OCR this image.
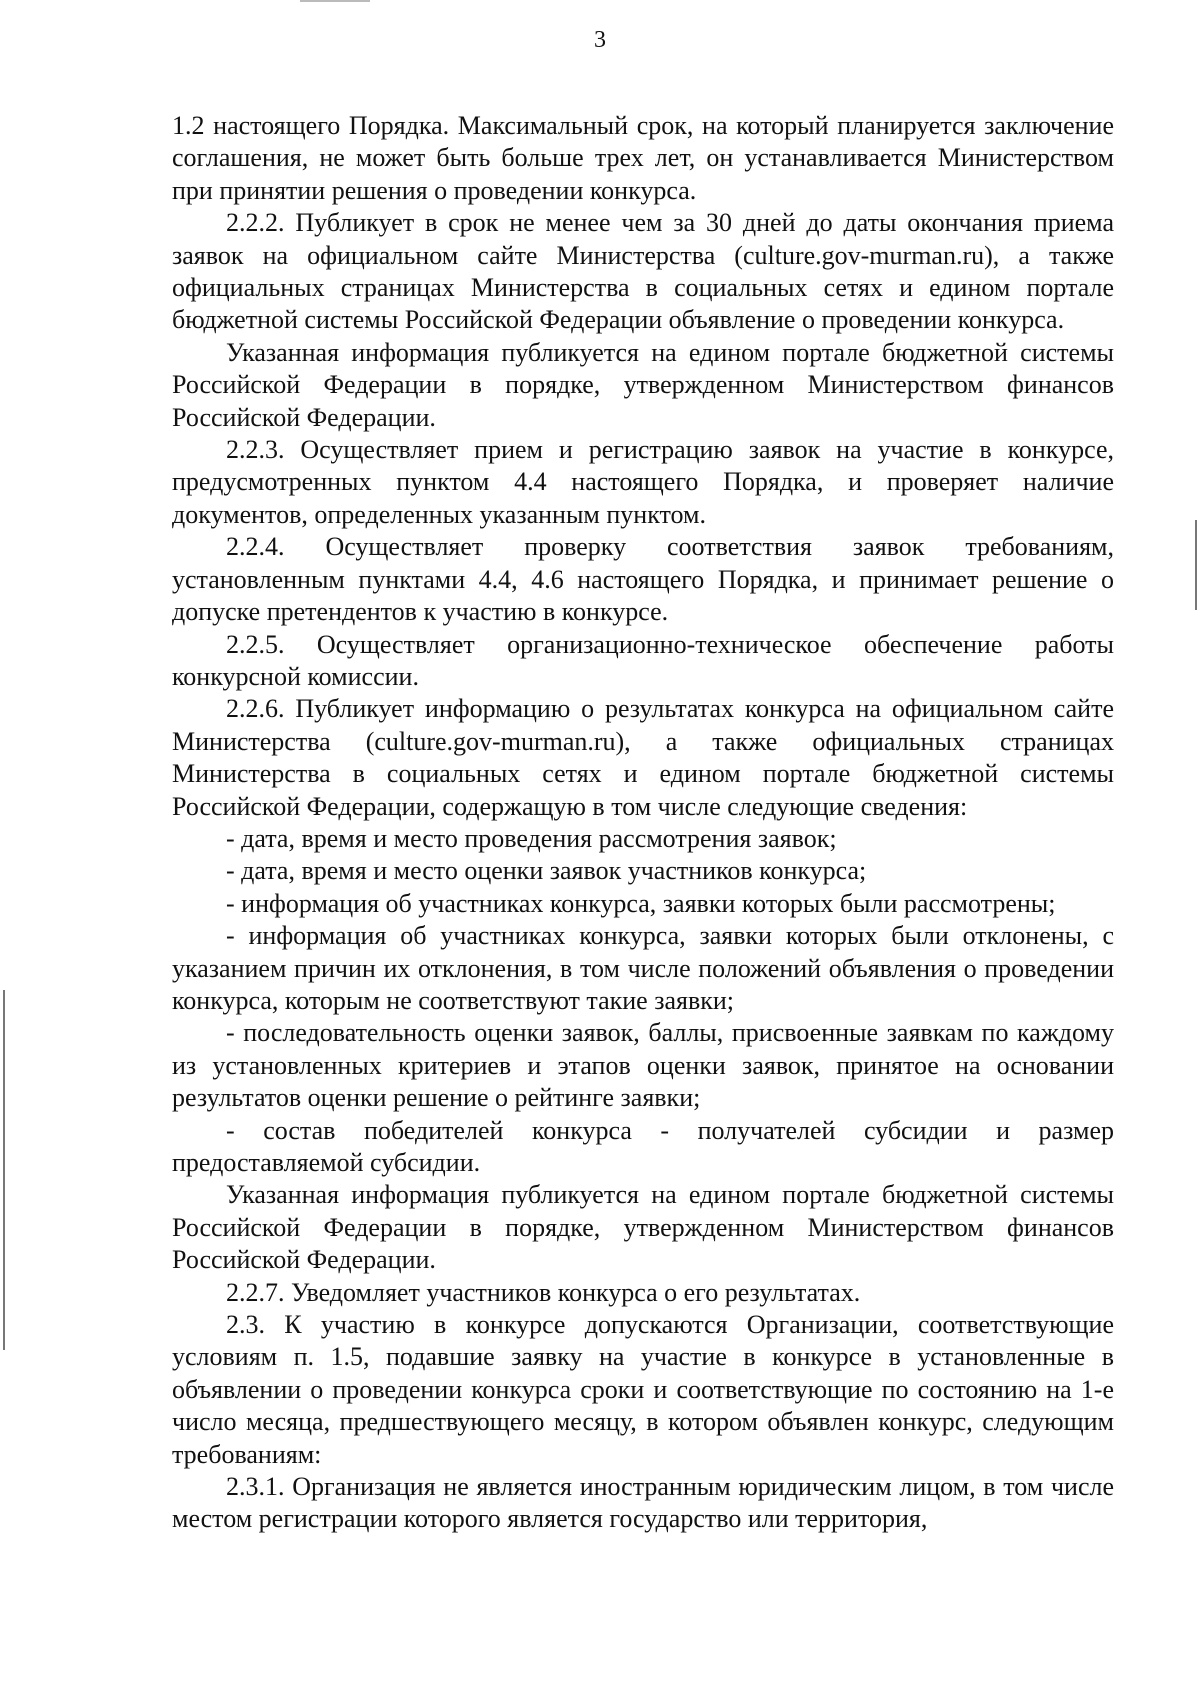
3

1.2 настоящего Порядка. Максимальный срок, на который планируется заключение соглашения, не может быть больше трех лет, он устанавливается Министерством при принятии решения о проведении конкурса.

2.2.2. Публикует в срок не менее чем за 30 дней до даты окончания приема заявок на официальном сайте Министерства (culture.gov-murman.ru), а также официальных страницах Министерства в социальных сетях и едином портале бюджетной системы Российской Федерации объявление о проведении конкурса.

Указанная информация публикуется на едином портале бюджетной системы Российской Федерации в порядке, утвержденном Министерством финансов Российской Федерации.

2.2.3. Осуществляет прием и регистрацию заявок на участие в конкурсе, предусмотренных пунктом 4.4 настоящего Порядка, и проверяет наличие документов, определенных указанным пунктом.

2.2.4. Осуществляет проверку соответствия заявок требованиям, установленным пунктами 4.4, 4.6 настоящего Порядка, и принимает решение о допуске претендентов к участию в конкурсе.

2.2.5. Осуществляет организационно-техническое обеспечение работы конкурсной комиссии.

2.2.6. Публикует информацию о результатах конкурса на официальном сайте Министерства (culture.gov-murman.ru), а также официальных страницах Министерства в социальных сетях и едином портале бюджетной системы Российской Федерации, содержащую в том числе следующие сведения:

- дата, время и место проведения рассмотрения заявок;

- дата, время и место оценки заявок участников конкурса;

- информация об участниках конкурса, заявки которых были рассмотрены;

- информация об участниках конкурса, заявки которых были отклонены, с указанием причин их отклонения, в том числе положений объявления о проведении конкурса, которым не соответствуют такие заявки;

- последовательность оценки заявок, баллы, присвоенные заявкам по каждому из установленных критериев и этапов оценки заявок, принятое на основании результатов оценки решение о рейтинге заявки;

- состав победителей конкурса - получателей субсидии и размер предоставляемой субсидии.

Указанная информация публикуется на едином портале бюджетной системы Российской Федерации в порядке, утвержденном Министерством финансов Российской Федерации.

2.2.7. Уведомляет участников конкурса о его результатах.

2.3. К участию в конкурсе допускаются Организации, соответствующие условиям п. 1.5, подавшие заявку на участие в конкурсе в установленные в объявлении о проведении конкурса сроки и соответствующие по состоянию на 1-е число месяца, предшествующего месяцу, в котором объявлен конкурс, следующим требованиям:

2.3.1. Организация не является иностранным юридическим лицом, в том числе местом регистрации которого является государство или территория,
